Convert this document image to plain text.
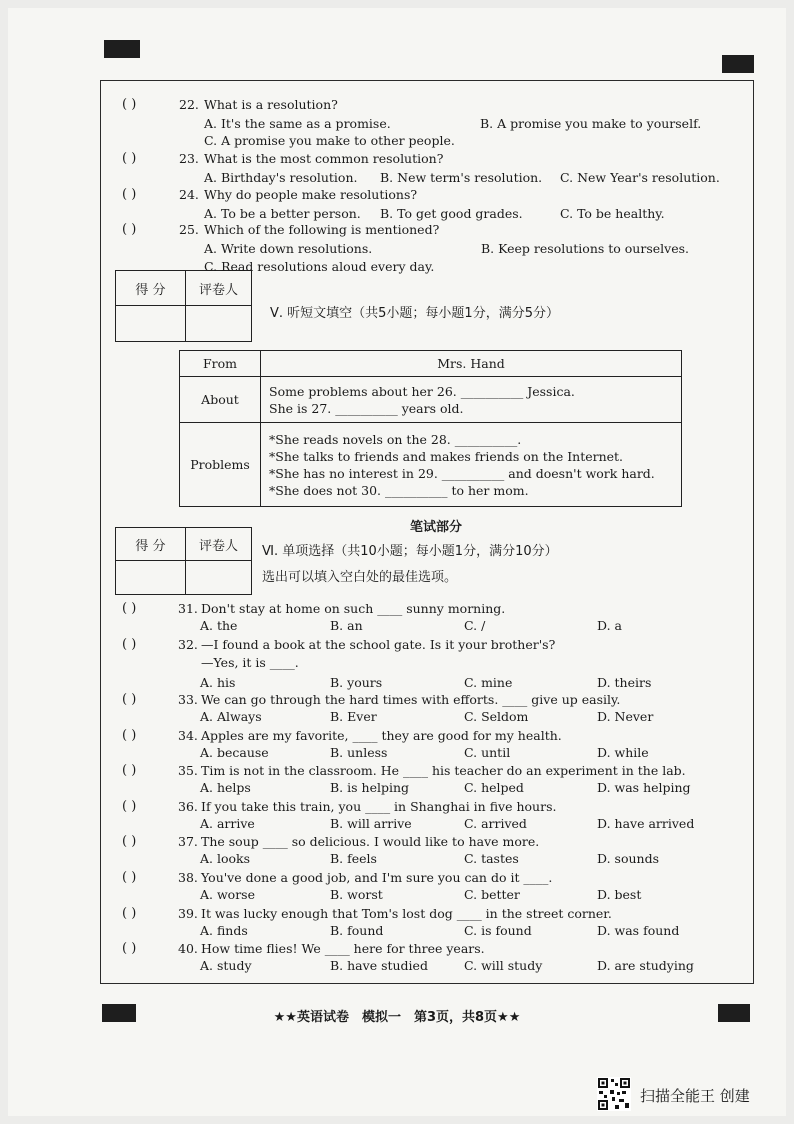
得 分	评卷人
Ⅴ. 听短文填空（共5小题；每小题1分，满分5分）
From	Mrs. Hand
About	Some problems about her 26. __________ Jessica.
She is 27. __________ years old.

Problems	*She reads novels on the 28. __________.
*She talks to friends and makes friends on the Internet.
*She has no interest in 29. __________ and doesn't work hard.
*She does not 30. __________ to her mom.
笔试部分
得 分	评卷人	Ⅵ. 单项选择（共10小题；每小题1分，满分10分）
选出可以填入空白处的最佳选项。
★★英语试卷　模拟一　第3页，共8页★★
扫描全能王 创建
( )	22. What is a resolution?
A. It's the same as a promise.	B. A promise you make to yourself.
C. A promise you make to other people.
( )	23. What is the most common resolution?
A. Birthday's resolution. B. New term's resolution. C. New Year's resolution.
( )	24. Why do people make resolutions?
A. To be a better person. B. To get good grades.	C. To be healthy.
( )	25. Which of the following is mentioned?
A. Write down resolutions.	B. Keep resolutions to ourselves.
C. Read resolutions aloud every day.
( )	31. Don't stay at home on such ____ sunny morning.
A. the	B. an	C. /	D. a
( )	32. —I found a book at the school gate. Is it your brother's?
—Yes, it is ____.
A. his	B. yours	C. mine	D. theirs
( )	33. We can go through the hard times with efforts. ____ give up easily.
A. Always	B. Ever	C. Seldom	D. Never
( )	34. Apples are my favorite, ____ they are good for my health.
A. because	B. unless	C. until	D. while
( )	35. Tim is not in the classroom. He ____ his teacher do an experiment in the lab.
A. helps	B. is helping	C. helped	D. was helping
( )	36. If you take this train, you ____ in Shanghai in five hours.
A. arrive	B. will arrive	C. arrived	D. have arrived
( )	37. The soup ____ so delicious. I would like to have more.
A. looks	B. feels	C. tastes	D. sounds
( )	38. You've done a good job, and I'm sure you can do it ____.
A. worse	B. worst	C. better	D. best
( )	39. It was lucky enough that Tom's lost dog ____ in the street corner.
A. finds	B. found	C. is found	D. was found
( )	40. How time flies! We ____ here for three years.
A. study	B. have studied	C. will study	D. are studying
